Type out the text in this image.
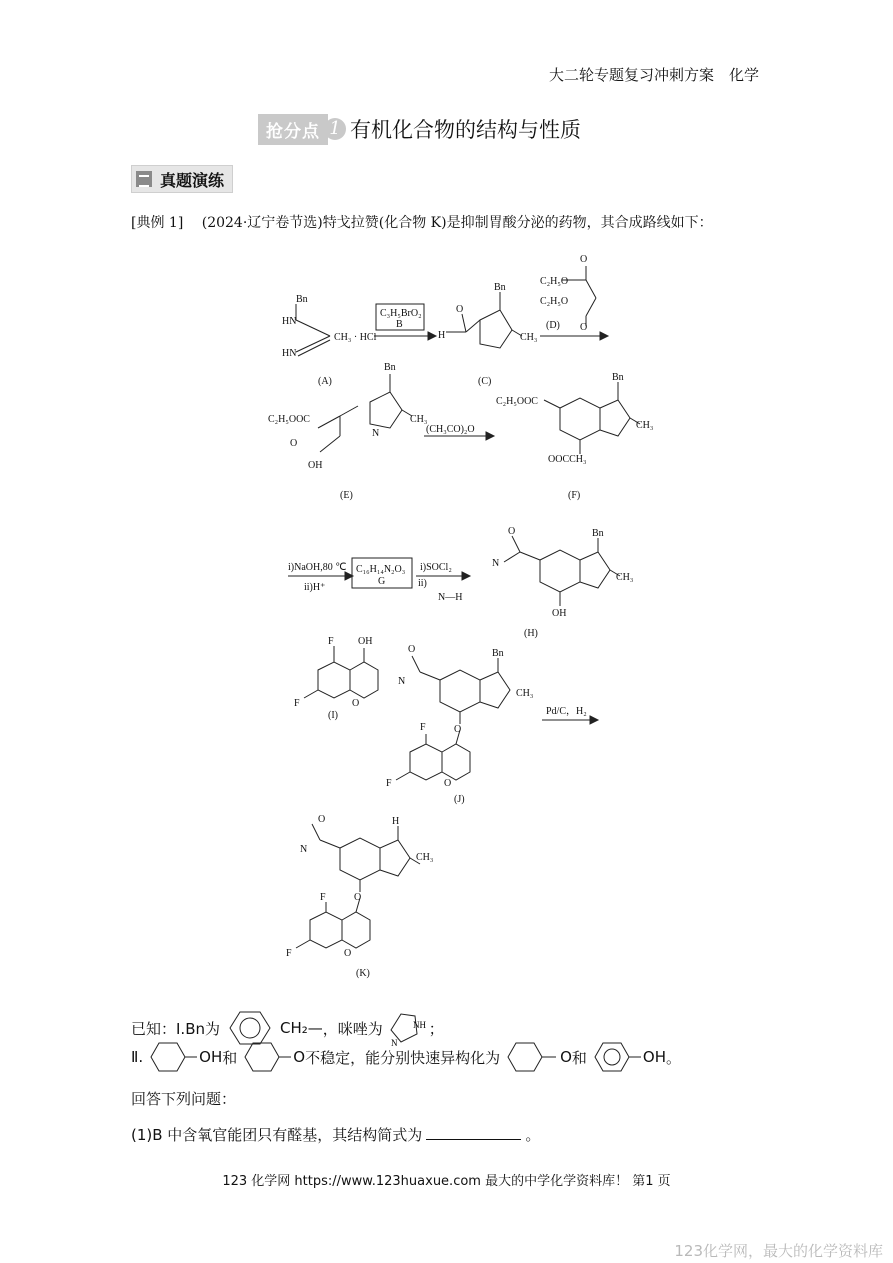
大二轮专题复习冲刺方案　化学
抢分点 1 有机化合物的结构与性质
真题演练
[典例 1] (2024·辽宁卷节选)特戈拉赞(化合物 K)是抑制胃酸分泌的药物，其合成路线如下：
Bn
HN
HN
CH₃ · HCl
(A)
C₃H₅BrO₂
B
H
O
Bn
CH₃
(C)
C₂H₅O
C₂H₅O
O
O
(D)
C₂H₅OOC
O
OH
Bn
CH₃
N
(E)
(CH₃CO)₂O
C₂H₅OOC
Bn
CH₃
OOCCH₃
(F)
i)NaOH,80 ℃
ii)H⁺
C₁₆H₁₄N₂O₃
G
i)SOCl₂
ii)
N—H
O
N
Bn
CH₃
OH
(H)
F OH
F	O
(I)
O
N
Bn
CH₃
O
F
F	O
(J)
Pd/C，H₂
O
N
H
CH₃
O
F
F	O
(K)
已知：Ⅰ.Bn为	CH₂— ，咪唑为
N
NH ；
Ⅱ.	OH 和	O 不稳定，能分别快速异构化为	O 和	OH 。
回答下列问题：
(1)B 中含氧官能团只有醛基，其结构简式为	。
123 化学网 https://www.123huaxue.com 最大的中学化学资料库！ 第1 页
123化学网，最大的化学资料库
